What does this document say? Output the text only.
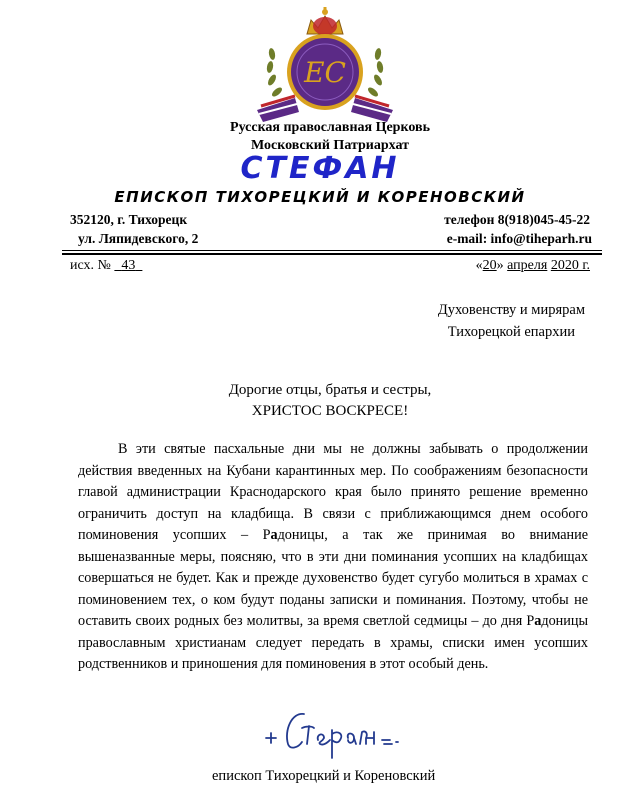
ЕС
Русская православная Церковь
Московский Патриархат
СТЕФАН
ЕПИСКОП ТИХОРЕЦКИЙ И КОРЕНОВСКИЙ
352120, г. Тихорецк
ул. Ляпидевского, 2
телефон 8(918)045-45-22
e-mail: info@tiheparh.ru
исх. № 43	«20» апреля 2020 г.
Духовенству и мирярам
Тихорецкой епархии
Дорогие отцы, братья и сестры,
ХРИСТОС ВОСКРЕСЕ!
В эти святые пасхальные дни мы не должны забывать о продолжении действия введенных на Кубани карантинных мер. По соображениям безопасности главой администрации Краснодарского края было принято решение временно ограничить доступ на кладбища. В связи с приближающимся днем особого поминовения усопших – Радоницы, а так же принимая во внимание вышеназванные меры, поясняю, что в эти дни поминания усопших на кладбищах совершаться не будет. Как и прежде духовенство будет сугубо молиться в храмах с поминовением тех, о ком будут поданы записки и поминания. Поэтому, чтобы не оставить своих родных без молитвы, за время светлой седмицы – до дня Радоницы православным христианам следует передать в храмы, списки имен усопших родственников и приношения для поминовения в этот особый день.
епископ Тихорецкий и Кореновский
